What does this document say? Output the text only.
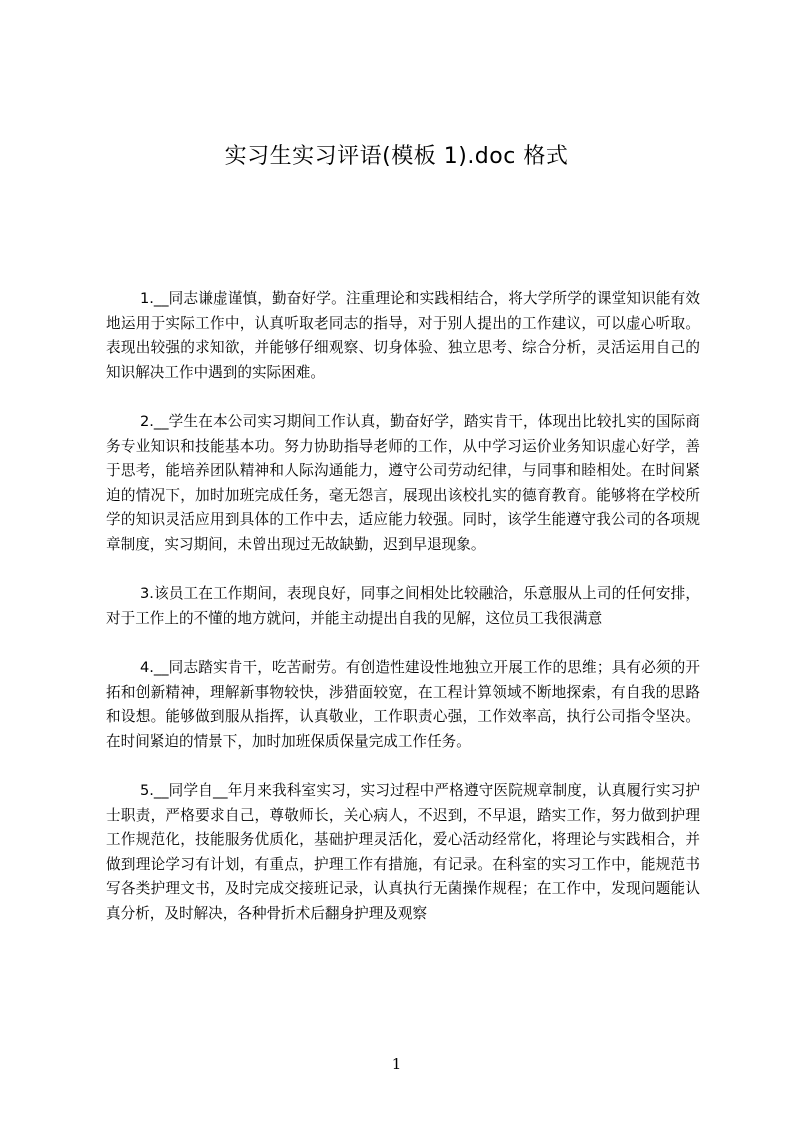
实习生实习评语(模板 1).doc 格式

1.__同志谦虚谨慎，勤奋好学。注重理论和实践相结合，将大学所学的课堂知识能有效地运用于实际工作中，认真听取老同志的指导，对于别人提出的工作建议，可以虚心听取。表现出较强的求知欲，并能够仔细观察、切身体验、独立思考、综合分析，灵活运用自己的知识解决工作中遇到的实际困难。

2.__学生在本公司实习期间工作认真，勤奋好学，踏实肯干，体现出比较扎实的国际商务专业知识和技能基本功。努力协助指导老师的工作，从中学习运价业务知识虚心好学，善于思考，能培养团队精神和人际沟通能力，遵守公司劳动纪律，与同事和睦相处。在时间紧迫的情况下，加时加班完成任务，毫无怨言，展现出该校扎实的德育教育。能够将在学校所学的知识灵活应用到具体的工作中去，适应能力较强。同时，该学生能遵守我公司的各项规章制度，实习期间，未曾出现过无故缺勤，迟到早退现象。

3.该员工在工作期间，表现良好，同事之间相处比较融洽，乐意服从上司的任何安排，对于工作上的不懂的地方就问，并能主动提出自我的见解，这位员工我很满意

4.__同志踏实肯干，吃苦耐劳。有创造性建设性地独立开展工作的思维；具有必须的开拓和创新精神，理解新事物较快，涉猎面较宽，在工程计算领域不断地探索，有自我的思路和设想。能够做到服从指挥，认真敬业，工作职责心强，工作效率高，执行公司指令坚决。在时间紧迫的情景下，加时加班保质保量完成工作任务。

5.__同学自__年月来我科室实习，实习过程中严格遵守医院规章制度，认真履行实习护士职责，严格要求自己，尊敬师长，关心病人，不迟到，不早退，踏实工作，努力做到护理工作规范化，技能服务优质化，基础护理灵活化，爱心活动经常化，将理论与实践相合，并做到理论学习有计划，有重点，护理工作有措施，有记录。在科室的实习工作中，能规范书写各类护理文书，及时完成交接班记录，认真执行无菌操作规程；在工作中，发现问题能认真分析，及时解决，各种骨折术后翻身护理及观察

1
